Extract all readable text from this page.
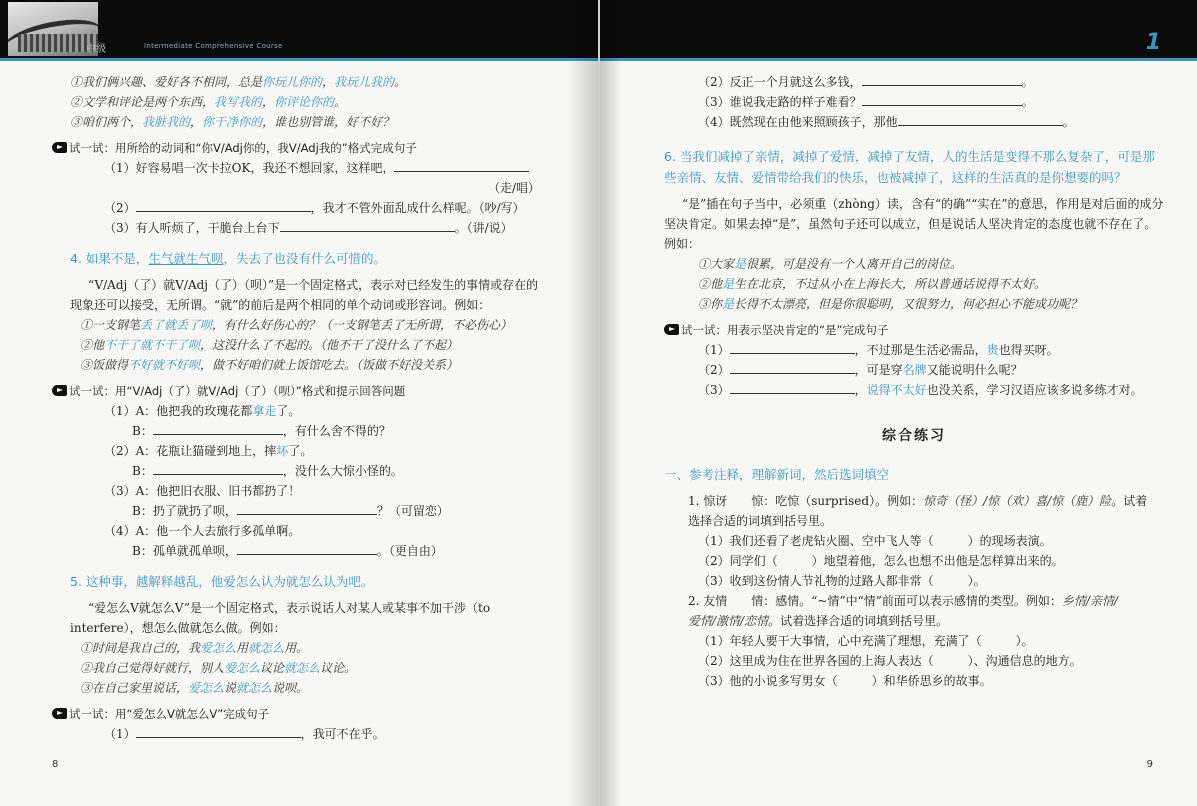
中级	Intermediate Comprehensive Course
①我们俩兴趣、爱好各不相同，总是你玩儿你的，我玩儿我的。
②文学和评论是两个东西，我写我的，你评论你的。
③咱们两个，我脏我的，你干净你的，谁也别管谁，好不好？
试一试：用所给的动词和“你V/Adj你的，我V/Adj我的”格式完成句子
（1）好容易唱一次卡拉OK，我还不想回家，这样吧，
（走/唱）
（2）	，我才不管外面乱成什么样呢。（吵/写）
（3）有人听烦了，干脆台上台下	。（讲/说）
4. 如果不是，生气就生气呗，失去了也没有什么可惜的。
“V/Adj（了）就V/Adj（了）（呗）”是一个固定格式，表示对已经发生的事情或存在的现象还可以接受，无所谓。“就”的前后是两个相同的单个动词或形容词。例如：
①一支钢笔丢了就丢了呗，有什么好伤心的？（一支钢笔丢了无所谓，不必伤心）
②他不干了就不干了呗，这没什么了不起的。（他不干了没什么了不起）
③饭做得不好就不好呗，做不好咱们就上饭馆吃去。（饭做不好没关系）
试一试：用“V/Adj（了）就V/Adj（了）（呗）”格式和提示回答问题
（1）A：他把我的玫瑰花都拿走了。
B：	，有什么舍不得的？
（2）A：花瓶让猫碰到地上，摔坏了。
B：	，没什么大惊小怪的。
（3）A：他把旧衣服、旧书都扔了！
B：扔了就扔了呗，	？（可留恋）
（4）A：他一个人去旅行多孤单啊。
B：孤单就孤单呗，	。（更自由）
5. 这种事，越解释越乱，他爱怎么认为就怎么认为吧。
“爱怎么V就怎么V”是一个固定格式，表示说话人对某人或某事不加干涉（to interfere），想怎么做就怎么做。例如：
①时间是我自己的，我爱怎么用就怎么用。
②我自己觉得好就行，别人爱怎么议论就怎么议论。
③在自己家里说话，爱怎么说就怎么说呗。
试一试：用“爱怎么V就怎么V”完成句子
（1）	，我可不在乎。
8
1
（2）反正一个月就这么多钱，	。
（3）谁说我走路的样子难看？	。
（4）既然现在由他来照顾孩子，那他	。
6. 当我们减掉了亲情，减掉了爱情，减掉了友情，人的生活是变得不那么复杂了，可是那些亲情、友情、爱情带给我们的快乐，也被减掉了，这样的生活真的是你想要的吗？
“是”插在句子当中，必须重（zhòng）读，含有“的确”“实在”的意思，作用是对后面的成分坚决肯定。如果去掉“是”，虽然句子还可以成立，但是说话人坚决肯定的态度也就不存在了。例如：
①大家是很累，可是没有一个人离开自己的岗位。
②他是生在北京，不过从小在上海长大，所以普通话说得不太好。
③你是长得不太漂亮，但是你很聪明，又很努力，何必担心不能成功呢？
试一试：用表示坚决肯定的“是”完成句子
（1）	，不过那是生活必需品，贵也得买呀。
（2）	，可是穿名牌又能说明什么呢？
（3）	，说得不太好也没关系，学习汉语应该多说多练才对。
综合练习
一、参考注释，理解新词，然后选词填空
1. 惊讶　　惊：吃惊（surprised）。例如：惊奇（怪）/惊（欢）喜/惊（鹿）险。试着
选择合适的词填到括号里。
（1）我们还看了老虎钻火圈、空中飞人等（	）的现场表演。
（2）同学们（	）地望着他，怎么也想不出他是怎样算出来的。
（3）收到这份情人节礼物的过路人都非常（	）。
2. 友情　　情：感情。“~情”中“情”前面可以表示感情的类型。例如：乡情/亲情/
爱情/激情/恋情。试着选择合适的词填到括号里。
（1）年轻人要干大事情，心中充满了理想，充满了（	）。
（2）这里成为住在世界各国的上海人表达（	）、沟通信息的地方。
（3）他的小说多写男女（	）和华侨思乡的故事。
9
